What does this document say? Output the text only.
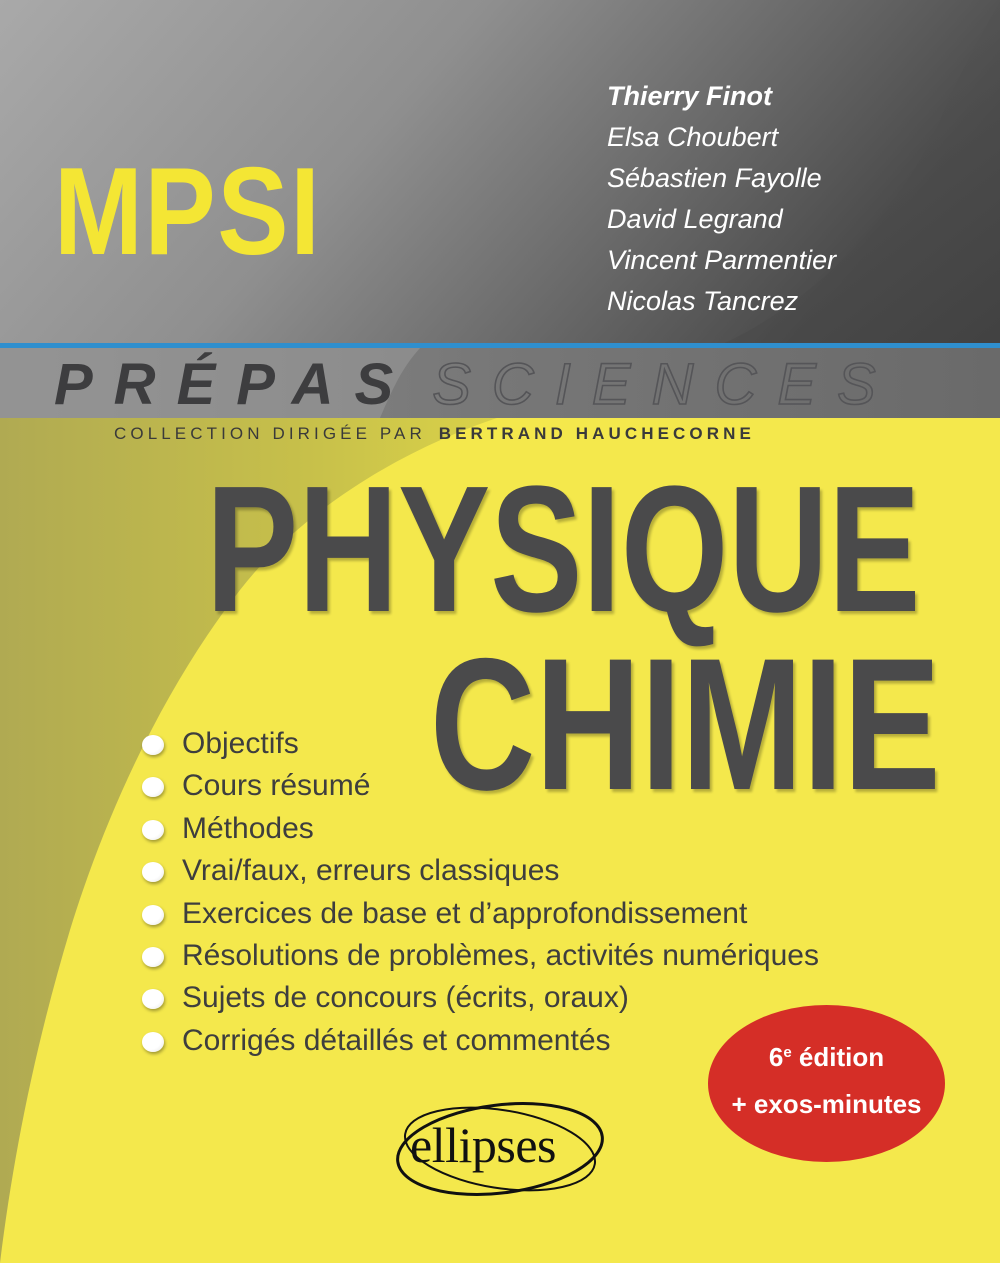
MPSI
Thierry Finot
Elsa Choubert
Sébastien Fayolle
David Legrand
Vincent Parmentier
Nicolas Tancrez
PRÉPAS SCIENCES
COLLECTION DIRIGÉE PAR BERTRAND HAUCHECORNE
PHYSIQUE
CHIMIE
Objectifs
Cours résumé
Méthodes
Vrai/faux, erreurs classiques
Exercices de base et d’approfondissement
Résolutions de problèmes, activités numériques
Sujets de concours (écrits, oraux)
Corrigés détaillés et commentés
6e édition
+ exos-minutes
ellipses
